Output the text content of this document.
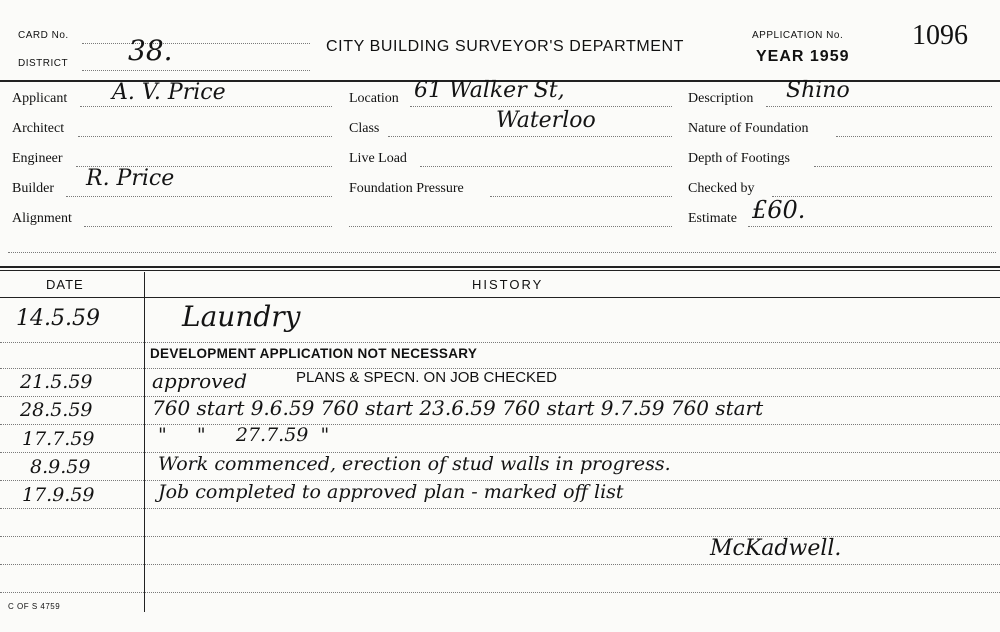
CARD No.
DISTRICT 38.	CITY BUILDING SURVEYOR'S DEPARTMENT
APPLICATION No. 1096
YEAR 1959
Applicant A. V. Price
Architect
Engineer
Builder R. Price
Alignment
Location 61 Walker St,
Class	Waterloo
Live Load
Foundation Pressure
Description Shino
Nature of Foundation
Depth of Footings
Checked by
Estimate £60.
DATE	HISTORY
14.5.59	Laundry
DEVELOPMENT APPLICATION NOT NECESSARY
21.5.59	approved	PLANS & SPECN. ON JOB CHECKED
28.5.59	760 start 9.6.59 760 start 23.6.59 760 start 9.7.59 760 start
17.7.59	"     "     27.7.59  "
8.9.59	Work commenced, erection of stud walls in progress.
17.9.59	Job completed to approved plan - marked off list
McKadwell.
C OF S 4759
